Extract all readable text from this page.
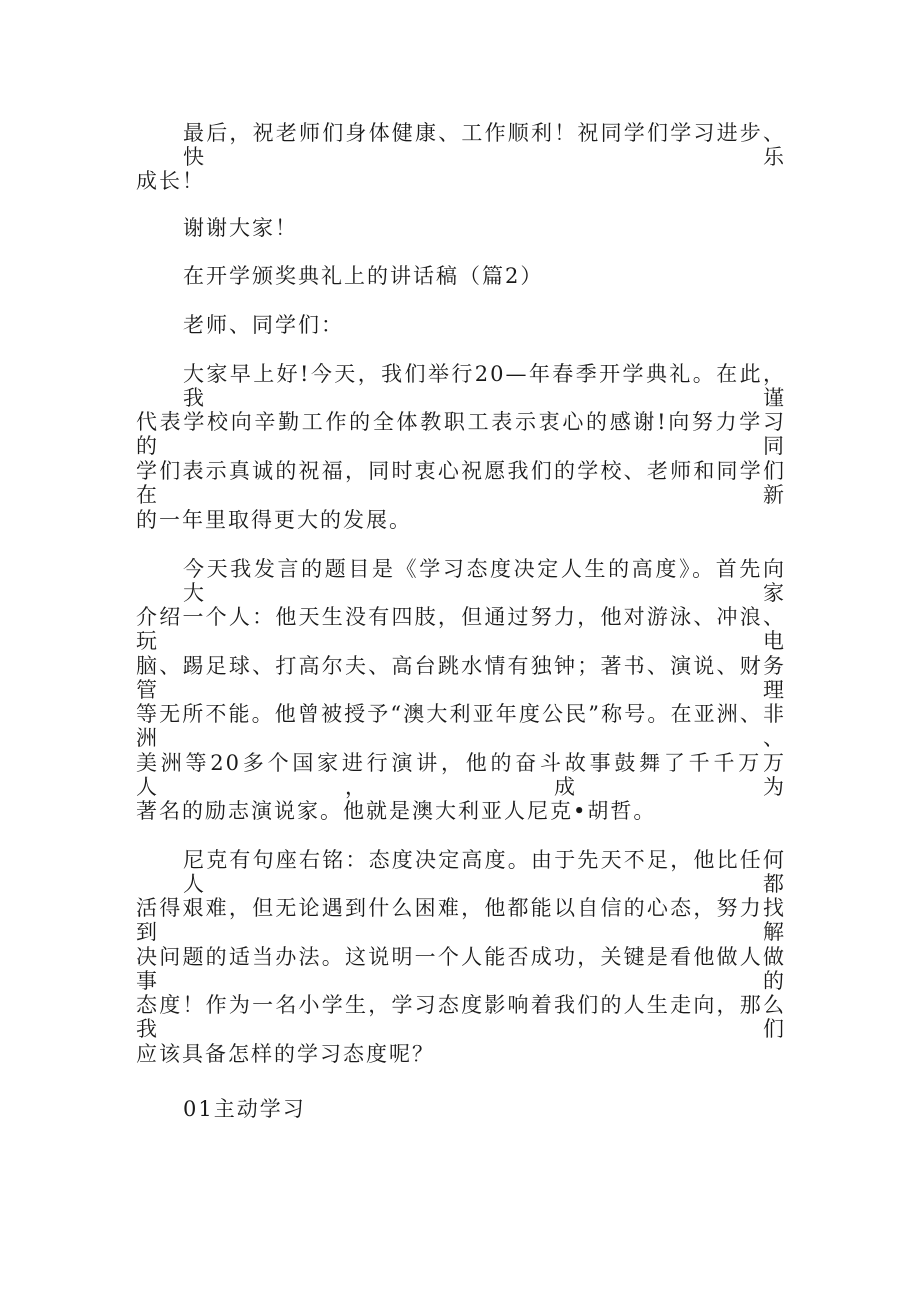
最后，祝老师们身体健康、工作顺利！祝同学们学习进步、快乐
成长！
谢谢大家！
在开学颁奖典礼上的讲话稿（篇2）
老师、同学们：
大家早上好!今天，我们举行20—年春季开学典礼。在此，我谨
代表学校向辛勤工作的全体教职工表示衷心的感谢!向努力学习的同
学们表示真诚的祝福，同时衷心祝愿我们的学校、老师和同学们在新
的一年里取得更大的发展。
今天我发言的题目是《学习态度决定人生的高度》。首先向大家
介绍一个人：他天生没有四肢，但通过努力，他对游泳、冲浪、玩电
脑、踢足球、打高尔夫、高台跳水情有独钟；著书、演说、财务管理
等无所不能。他曾被授予“澳大利亚年度公民”称号。在亚洲、非洲、
美洲等20多个国家进行演讲，他的奋斗故事鼓舞了千千万万人，成为
著名的励志演说家。他就是澳大利亚人尼克•胡哲。
尼克有句座右铭：态度决定高度。由于先天不足，他比任何人都
活得艰难，但无论遇到什么困难，他都能以自信的心态，努力找到解
决问题的适当办法。这说明一个人能否成功，关键是看他做人做事的
态度！作为一名小学生，学习态度影响着我们的人生走向，那么我们
应该具备怎样的学习态度呢？
01主动学习
